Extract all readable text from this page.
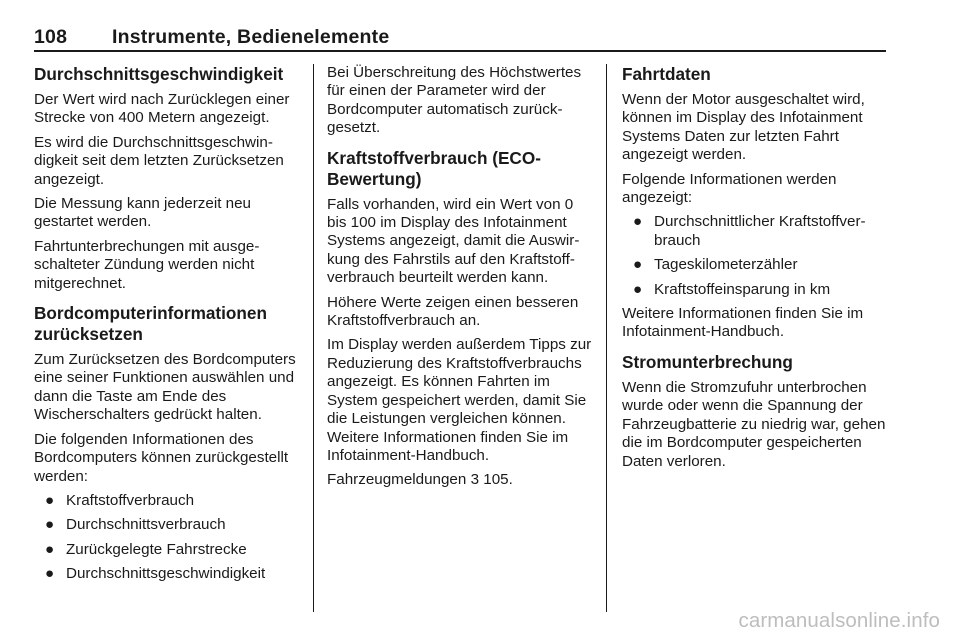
108 Instrumente, Bedienelemente
Durchschnittsgeschwindigkeit

Der Wert wird nach Zurücklegen einer Strecke von 400 Metern angezeigt.

Es wird die Durchschnittsgeschwindigkeit seit dem letzten Zurücksetzen angezeigt.

Die Messung kann jederzeit neu gestartet werden.

Fahrtunterbrechungen mit ausgeschalteter Zündung werden nicht mitgerechnet.

Bordcomputerinformationen zurücksetzen

Zum Zurücksetzen des Bordcomputers eine seiner Funktionen auswählen und dann die Taste am Ende des Wischerschalters gedrückt halten.

Die folgenden Informationen des Bordcomputers können zurückgestellt werden:

● Kraftstoffverbrauch
● Durchschnittsverbrauch
● Zurückgelegte Fahrstrecke
● Durchschnittsgeschwindigkeit

Bei Überschreitung des Höchstwertes für einen der Parameter wird der Bordcomputer automatisch zurückgesetzt.

Kraftstoffverbrauch (ECO-Bewertung)

Falls vorhanden, wird ein Wert von 0 bis 100 im Display des Infotainment Systems angezeigt, damit die Auswirkung des Fahrstils auf den Kraftstoffverbrauch beurteilt werden kann.

Höhere Werte zeigen einen besseren Kraftstoffverbrauch an.

Im Display werden außerdem Tipps zur Reduzierung des Kraftstoffverbrauchs angezeigt. Es können Fahrten im System gespeichert werden, damit Sie die Leistungen vergleichen können. Weitere Informationen finden Sie im Infotainment-Handbuch.

Fahrzeugmeldungen 3 105.

Fahrtdaten

Wenn der Motor ausgeschaltet wird, können im Display des Infotainment Systems Daten zur letzten Fahrt angezeigt werden.

Folgende Informationen werden angezeigt:

● Durchschnittlicher Kraftstoffverbrauch
● Tageskilometerzähler
● Kraftstoffeinsparung in km

Weitere Informationen finden Sie im Infotainment-Handbuch.

Stromunterbrechung

Wenn die Stromzufuhr unterbrochen wurde oder wenn die Spannung der Fahrzeugbatterie zu niedrig war, gehen die im Bordcomputer gespeicherten Daten verloren.

carmanualsonline.info
